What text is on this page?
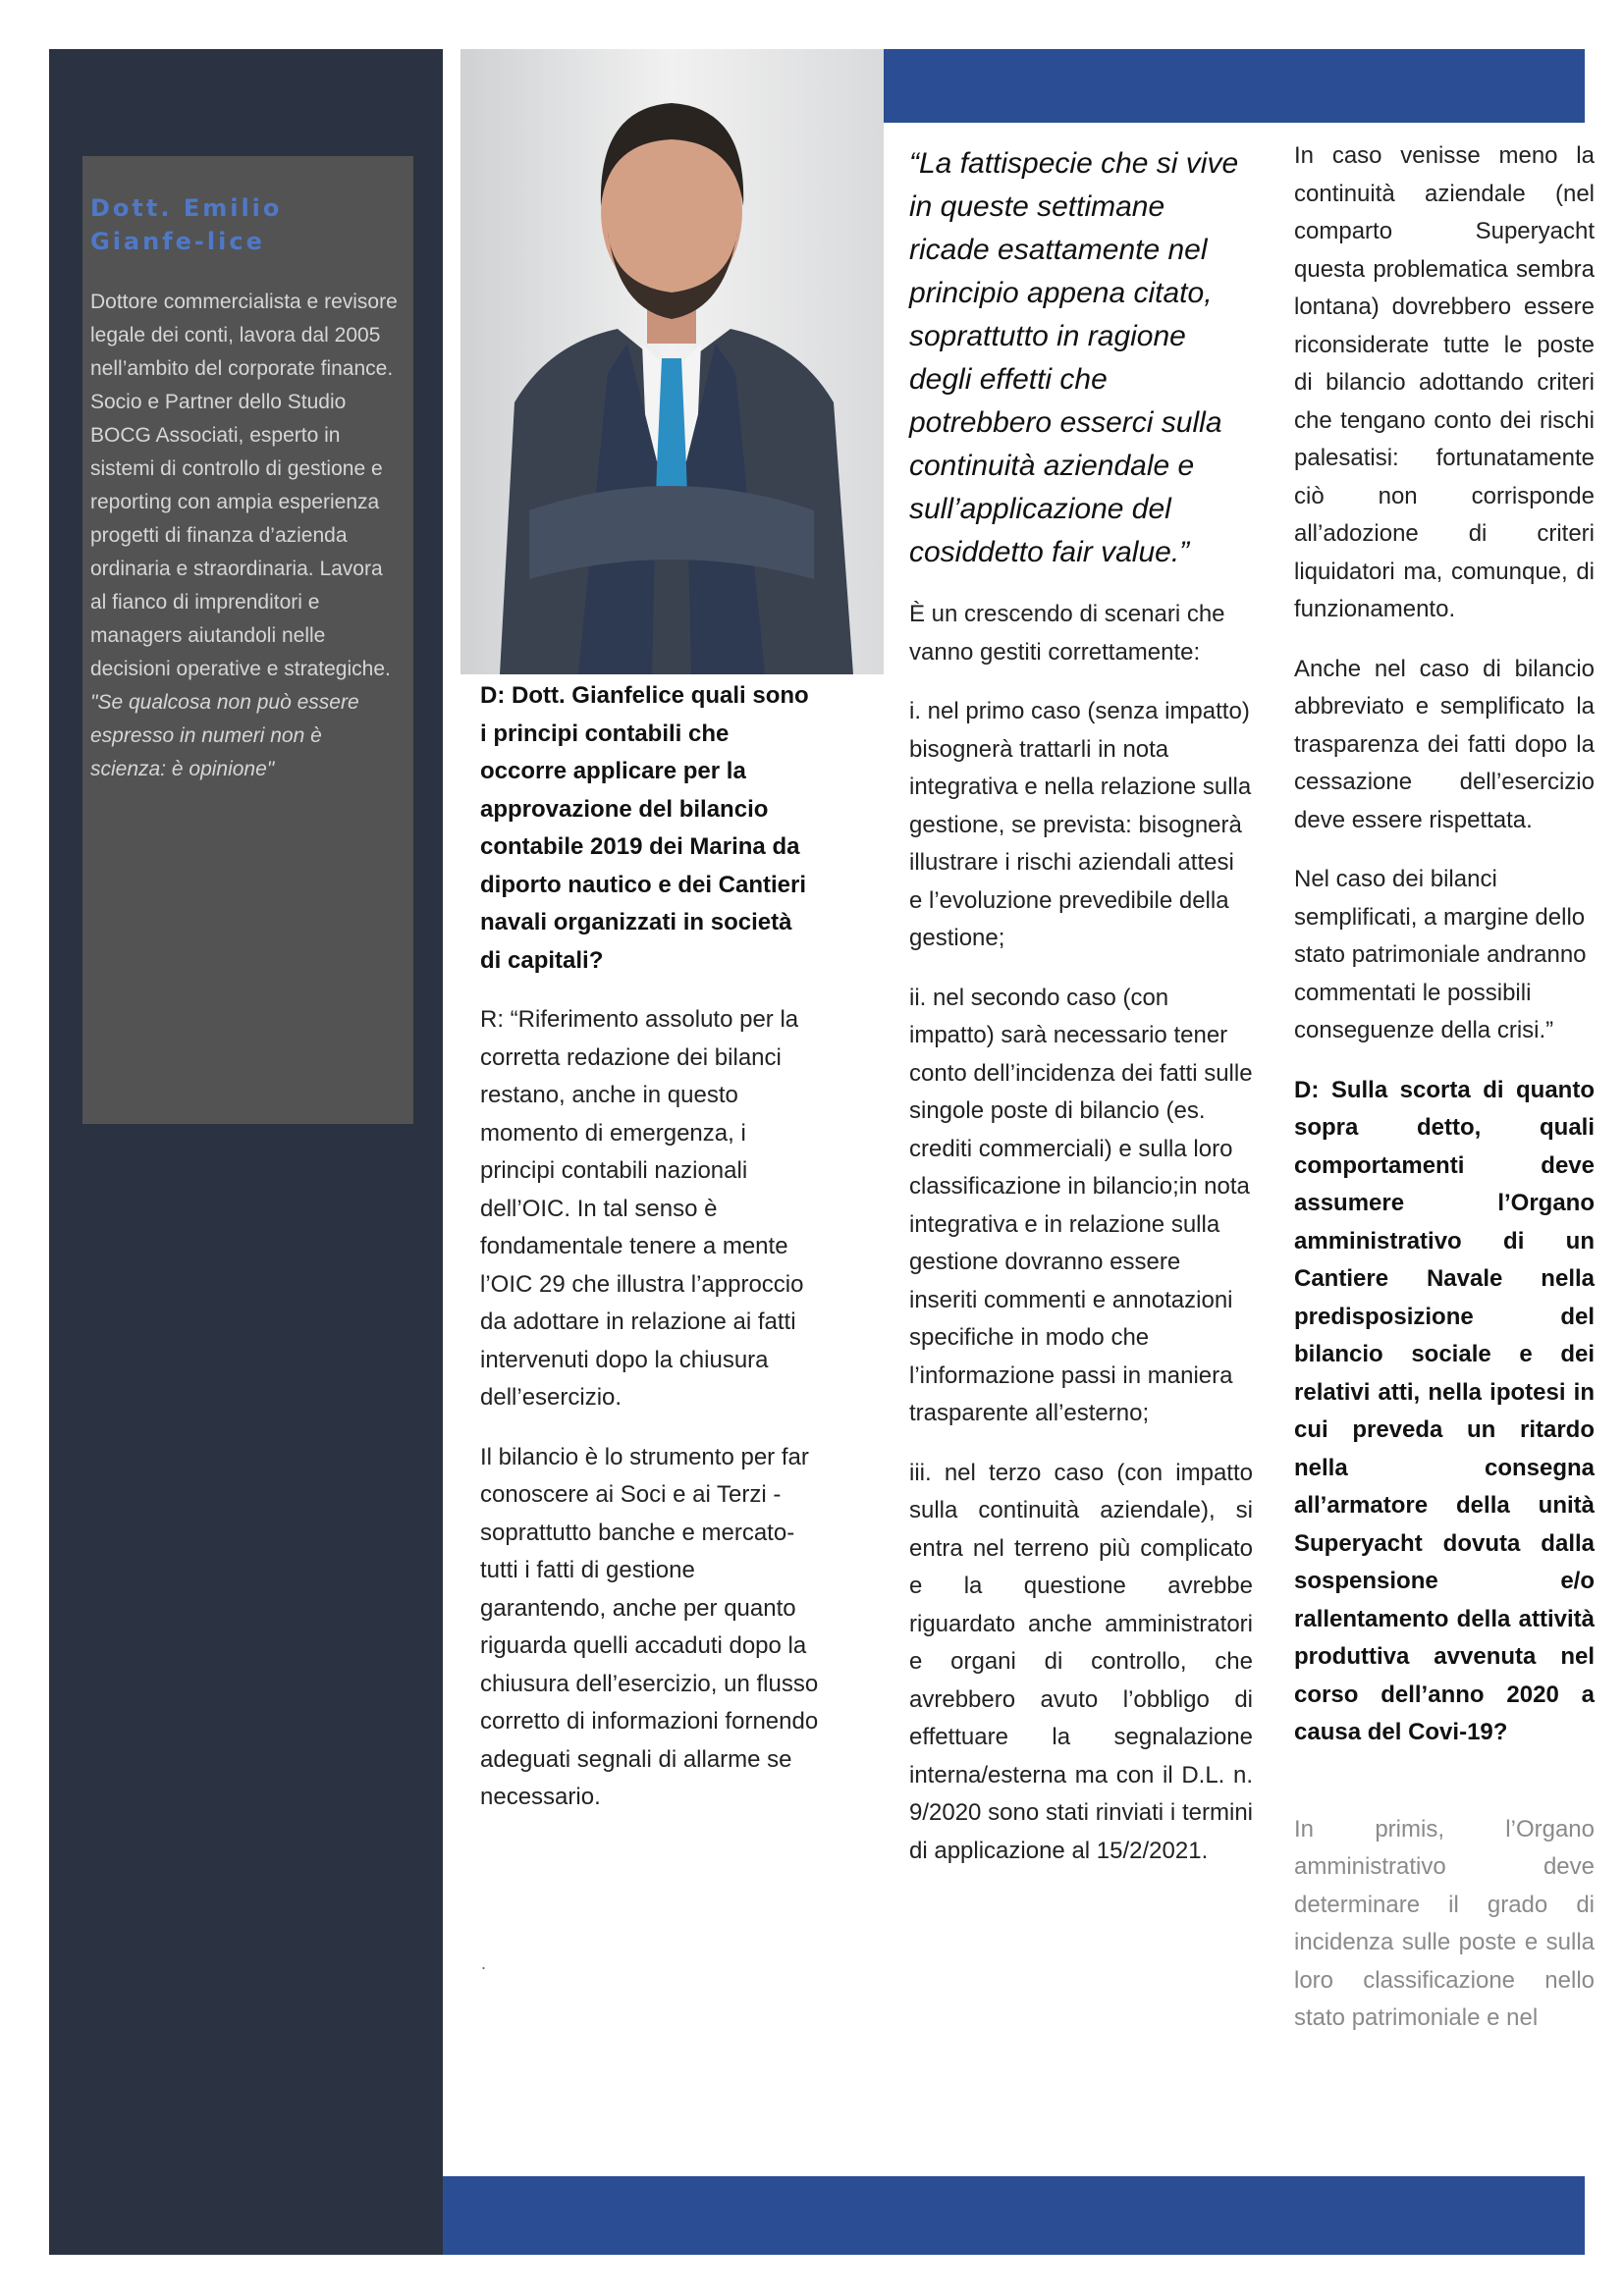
Dott. Emilio Gianfe-lice
Dottore commercialista e revisore legale dei conti, lavora dal 2005 nell’ambito del corporate finance. Socio e Partner dello Studio BOCG Associati, esperto in sistemi di controllo di gestione e reporting con ampia esperienza progetti di finanza d’azienda ordinaria e straordinaria. Lavora al fianco di imprenditori e managers aiutandoli nelle decisioni operative e strategiche.
"Se qualcosa non può essere espresso in numeri non è scienza: è opinione"

D: Dott. Gianfelice quali sono i principi contabili che occorre applicare per la approvazione del bilancio contabile 2019 dei Marina da diporto nautico e dei Cantieri navali organizzati in società di capitali?

R: “Riferimento assoluto per la corretta redazione dei bilanci restano, anche in questo momento di emergenza, i principi contabili nazionali dell’OIC. In tal senso è fondamentale tenere a mente l’OIC 29 che illustra l’approccio da adottare in relazione ai fatti intervenuti dopo la chiusura dell’esercizio.

Il bilancio è lo strumento per far conoscere ai Soci e ai Terzi -soprattutto banche e mercato- tutti i fatti di gestione garantendo, anche per quanto riguarda quelli accaduti dopo la chiusura dell’esercizio, un flusso corretto di informazioni fornendo adeguati segnali di allarme se necessario.

.

“La fattispecie che si vive in queste settimane ricade esattamente nel principio appena citato, soprattutto in ragione degli effetti che potrebbero esserci sulla continuità aziendale e sull’applicazione del cosiddetto fair value.”

È un crescendo di scenari che vanno gestiti correttamente:

i. nel primo caso (senza impatto) bisognerà trattarli in nota integrativa e nella relazione sulla gestione, se prevista: bisognerà illustrare i rischi aziendali attesi e l’evoluzione prevedibile della gestione;

ii. nel secondo caso (con impatto) sarà necessario tener conto dell’incidenza dei fatti sulle singole poste di bilancio (es. crediti commerciali) e sulla loro classificazione in bilancio;in nota integrativa e in relazione sulla gestione dovranno essere inseriti commenti e annotazioni specifiche in modo che l’informazione passi in maniera trasparente all’esterno;

iii. nel terzo caso (con impatto sulla continuità aziendale), si entra nel terreno più complicato e la questione avrebbe riguardato anche amministratori e organi di controllo, che avrebbero avuto l’obbligo di effettuare la segnalazione interna/esterna ma con il D.L. n. 9/2020 sono stati rinviati i termini di applicazione al 15/2/2021.

In caso venisse meno la continuità aziendale (nel comparto Superyacht questa problematica sembra lontana) dovrebbero essere riconsiderate tutte le poste di bilancio adottando criteri che tengano conto dei rischi palesatisi: fortunatamente ciò non corrisponde all’adozione di criteri liquidatori ma, comunque, di funzionamento.

Anche nel caso di bilancio abbreviato e semplificato la trasparenza dei fatti dopo la cessazione dell’esercizio deve essere rispettata.

Nel caso dei bilanci semplificati, a margine dello stato patrimoniale andranno commentati le possibili conseguenze della crisi.”

D: Sulla scorta di quanto sopra detto, quali comportamenti deve assumere l’Organo amministrativo di un Cantiere Navale nella predisposizione del bilancio sociale e dei relativi atti, nella ipotesi in cui preveda un ritardo nella consegna all’armatore della unità Superyacht dovuta dalla sospensione e/o rallentamento della attività produttiva avvenuta nel corso dell’anno 2020 a causa del Covi-19?

In primis, l’Organo amministrativo deve determinare il grado di incidenza sulle poste e sulla loro classificazione nello stato patrimoniale e nel
